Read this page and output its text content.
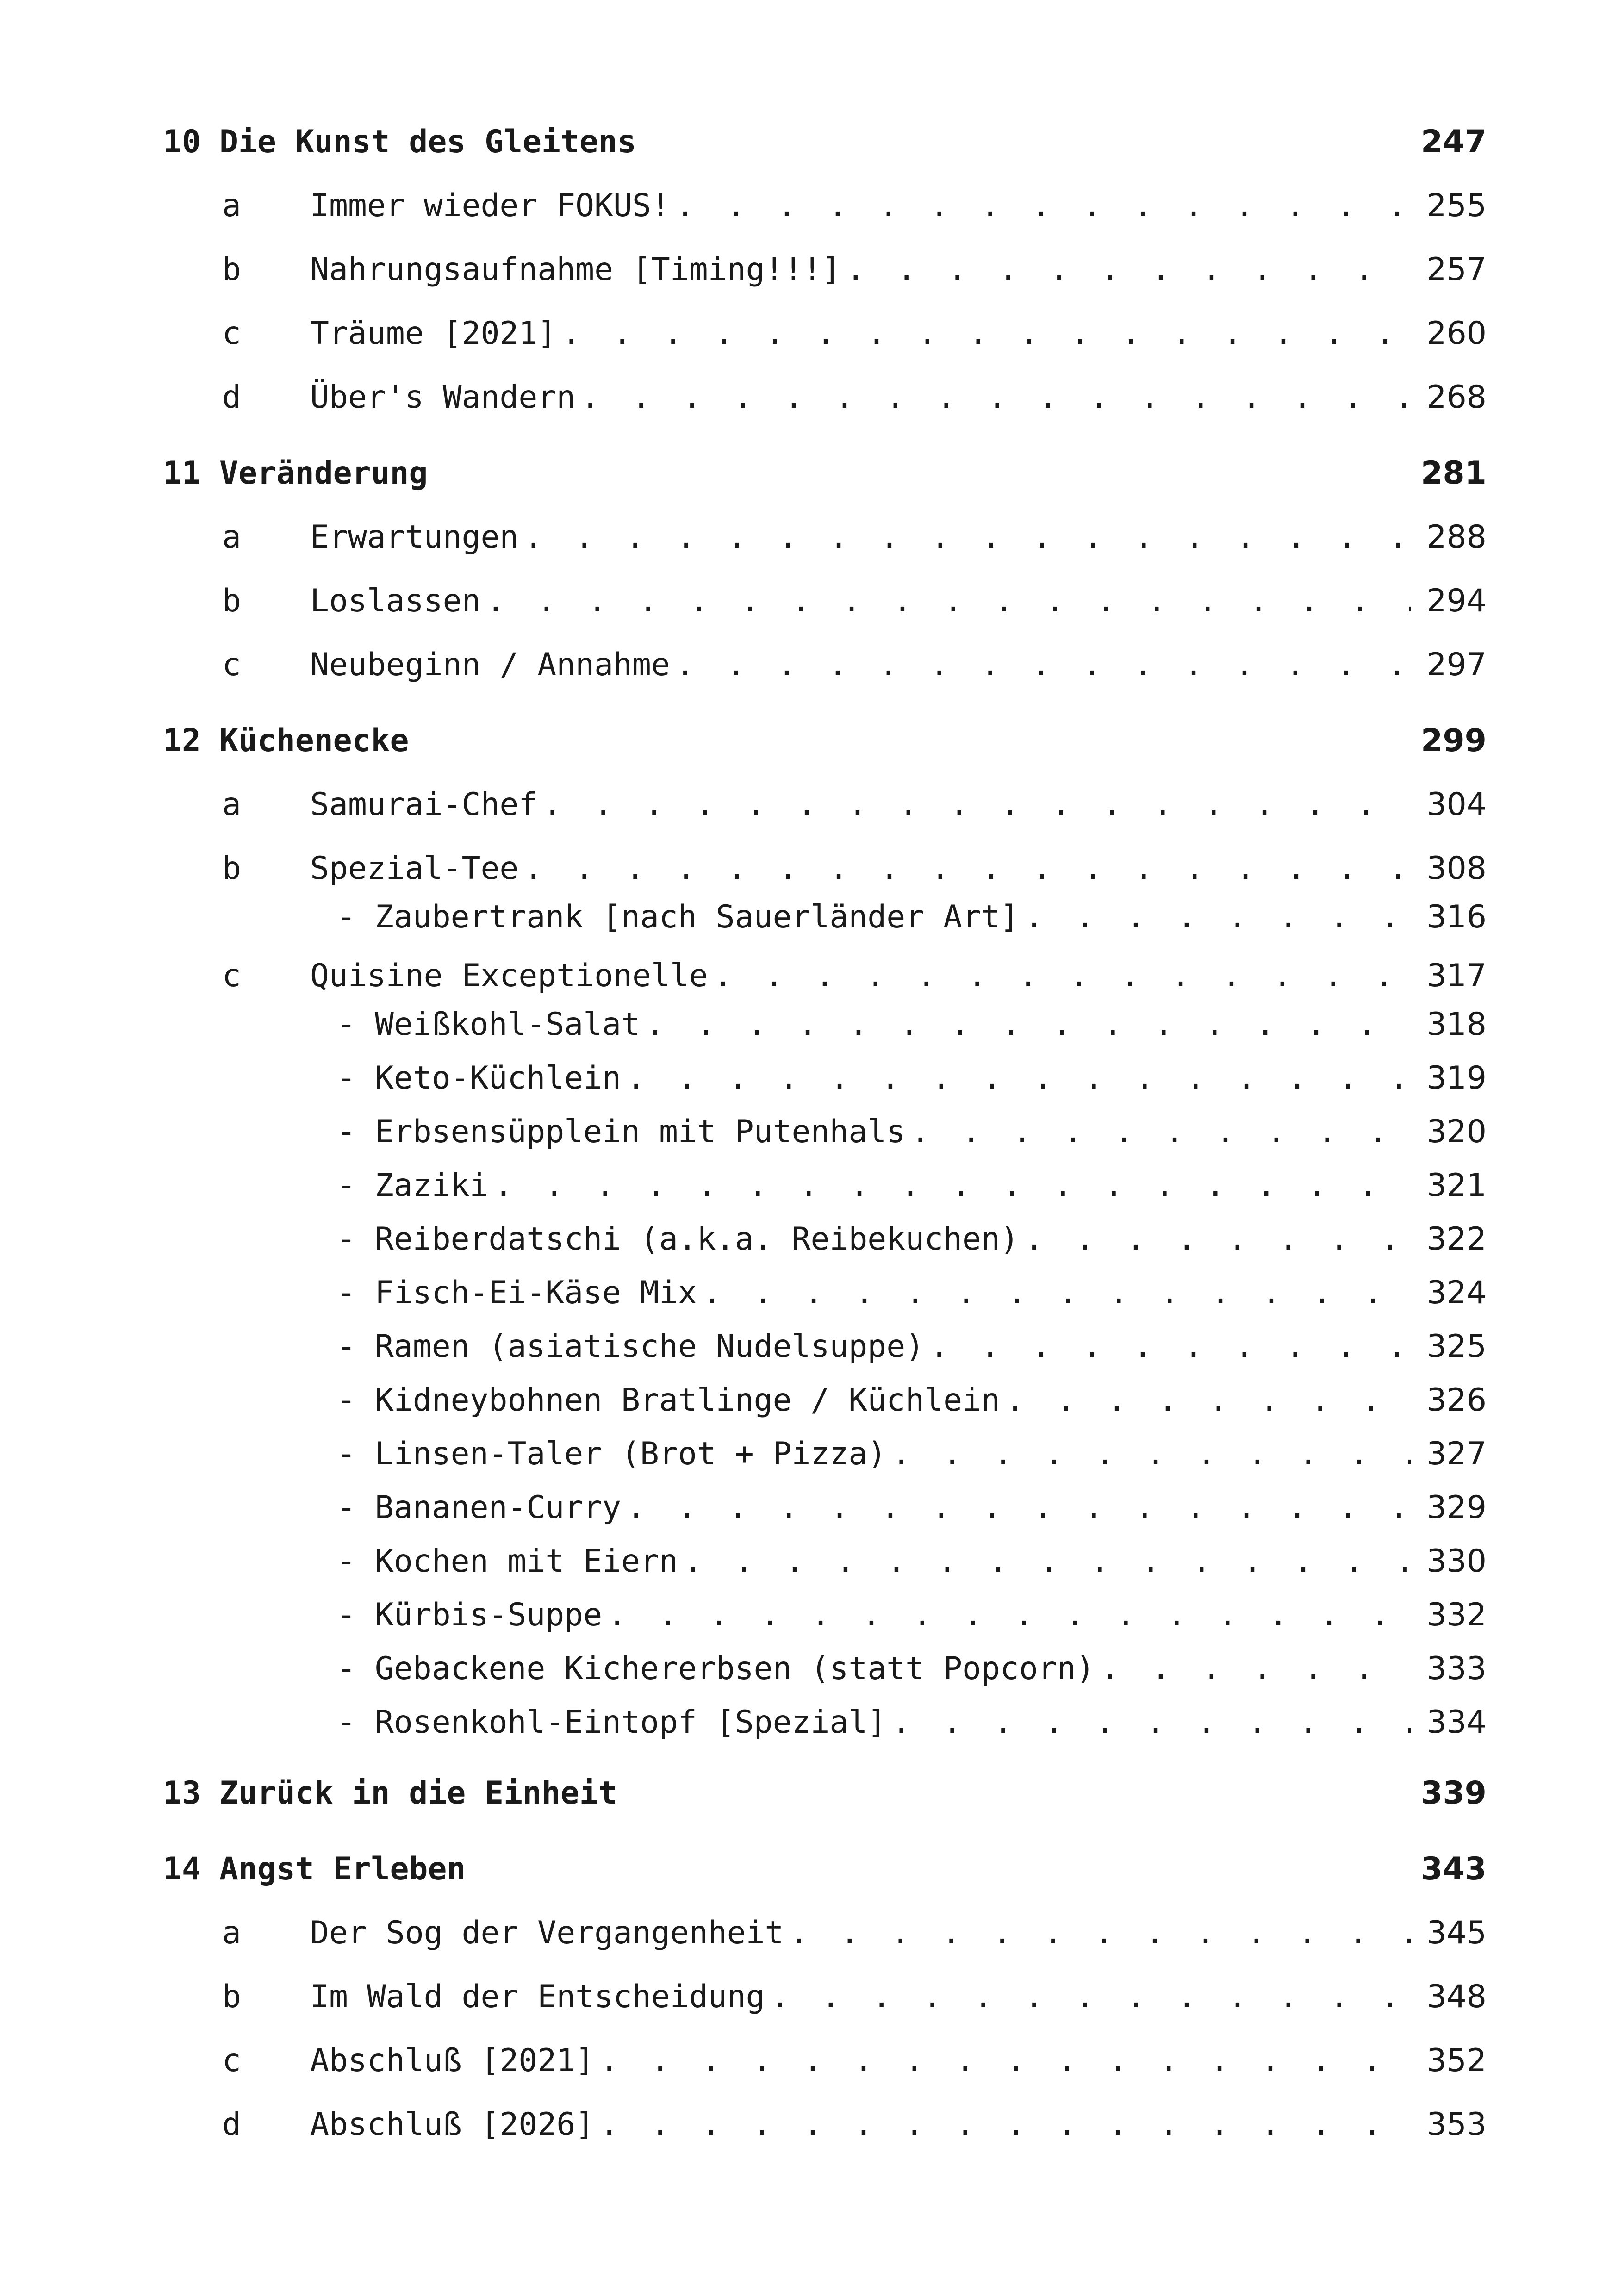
10 Die Kunst des Gleitens	247
a	Immer wieder FOKUS! . . .	255
b	Nahrungsaufnahme [Timing!!!] . . .	257
c	Träume [2021] . . .	260
d	Über's Wandern . . .	268
11 Veränderung	281
a	Erwartungen . . .	288
b	Loslassen . . .	294
c	Neubeginn / Annahme . . .	297
12 Küchenecke	299
a	Samurai-Chef . . .	304
b	Spezial-Tee . . .	308
- Zaubertrank [nach Sauerländer Art] . . .	316
c	Quisine Exceptionelle . . .	317
- Weißkohl-Salat . . .	318
- Keto-Küchlein . . .	319
- Erbsensüpplein mit Putenhals . . .	320
- Zaziki . . .	321
- Reiberdatschi (a.k.a. Reibekuchen) . . .	322
- Fisch-Ei-Käse Mix . . .	324
- Ramen (asiatische Nudelsuppe) . . .	325
- Kidneybohnen Bratlinge / Küchlein . . .	326
- Linsen-Taler (Brot + Pizza) . . .	327
- Bananen-Curry . . .	329
- Kochen mit Eiern . . .	330
- Kürbis-Suppe . . .	332
- Gebackene Kichererbsen (statt Popcorn) . . .	333
- Rosenkohl-Eintopf [Spezial] . . .	334
13 Zurück in die Einheit	339
14 Angst Erleben	343
a	Der Sog der Vergangenheit . . .	345
b	Im Wald der Entscheidung . . .	348
c	Abschluß [2021] . . .	352
d	Abschluß [2026] . . .	353
